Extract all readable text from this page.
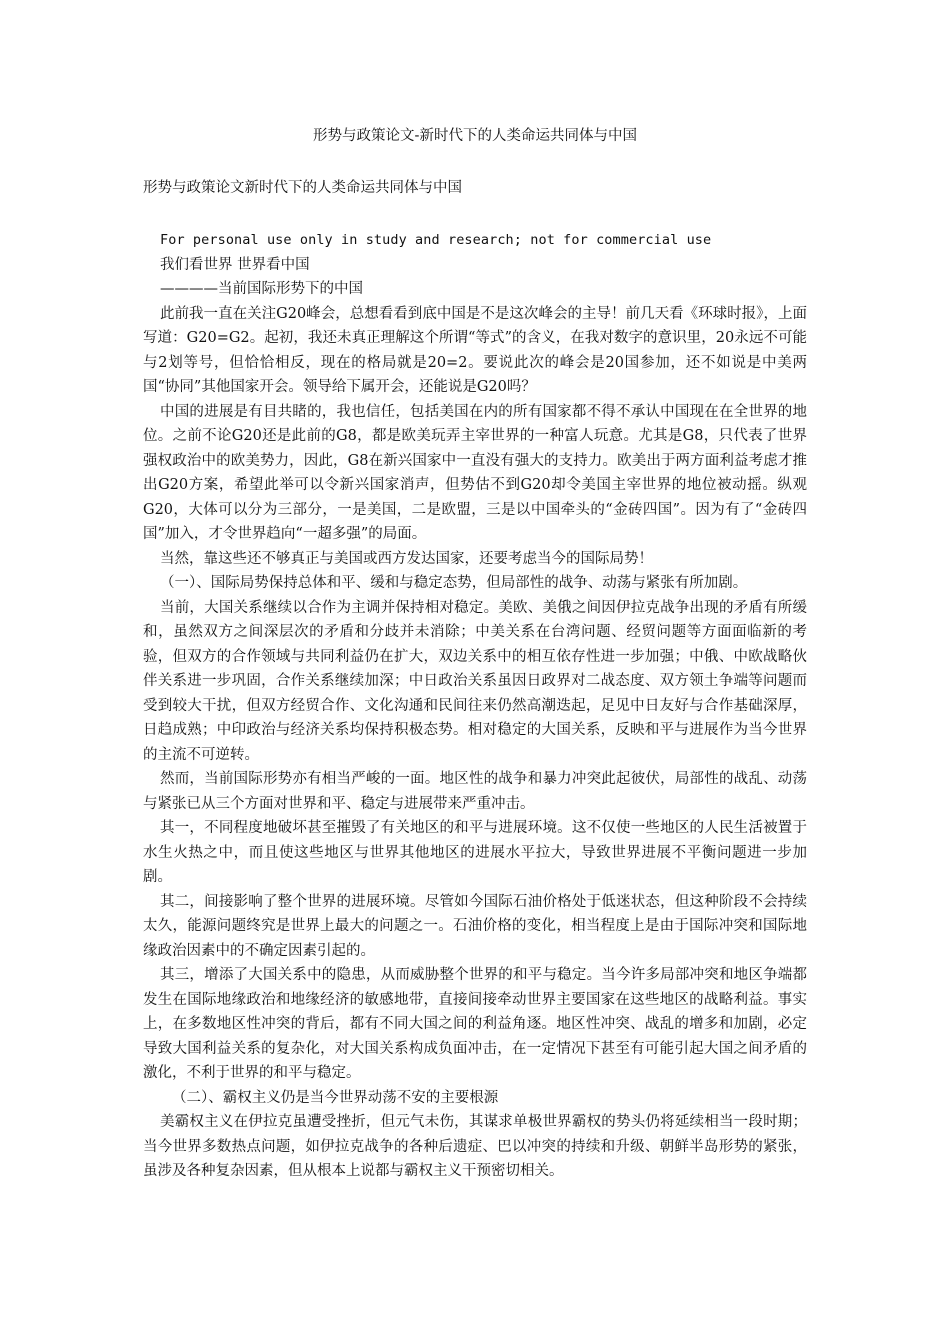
形势与政策论文-新时代下的人类命运共同体与中国
形势与政策论文新时代下的人类命运共同体与中国

For personal use only in study and research; not for commercial use

我们看世界 世界看中国

————当前国际形势下的中国

此前我一直在关注G20峰会，总想看看到底中国是不是这次峰会的主导！前几天看《环球时报》，上面写道：G20=G2。起初，我还未真正理解这个所谓“等式”的含义，在我对数字的意识里，20永远不可能与2划等号，但恰恰相反，现在的格局就是20=2。要说此次的峰会是20国参加，还不如说是中美两国“协同”其他国家开会。领导给下属开会，还能说是G20吗？

中国的进展是有目共睹的，我也信任，包括美国在内的所有国家都不得不承认中国现在在全世界的地位。之前不论G20还是此前的G8，都是欧美玩弄主宰世界的一种富人玩意。尤其是G8，只代表了世界强权政治中的欧美势力，因此，G8在新兴国家中一直没有强大的支持力。欧美出于两方面利益考虑才推出G20方案，希望此举可以令新兴国家消声，但势估不到G20却令美国主宰世界的地位被动摇。纵观G20，大体可以分为三部分，一是美国，二是欧盟，三是以中国牵头的“金砖四国”。因为有了“金砖四国”加入，才令世界趋向“一超多强”的局面。

当然，靠这些还不够真正与美国或西方发达国家，还要考虑当今的国际局势！

（一）、国际局势保持总体和平、缓和与稳定态势，但局部性的战争、动荡与紧张有所加剧。

当前，大国关系继续以合作为主调并保持相对稳定。美欧、美俄之间因伊拉克战争出现的矛盾有所缓和，虽然双方之间深层次的矛盾和分歧并未消除；中美关系在台湾问题、经贸问题等方面面临新的考验，但双方的合作领域与共同利益仍在扩大，双边关系中的相互依存性进一步加强；中俄、中欧战略伙伴关系进一步巩固，合作关系继续加深；中日政治关系虽因日政界对二战态度、双方领土争端等问题而受到较大干扰，但双方经贸合作、文化沟通和民间往来仍然高潮迭起，足见中日友好与合作基础深厚，日趋成熟；中印政治与经济关系均保持积极态势。相对稳定的大国关系，反映和平与进展作为当今世界的主流不可逆转。

然而，当前国际形势亦有相当严峻的一面。地区性的战争和暴力冲突此起彼伏，局部性的战乱、动荡与紧张已从三个方面对世界和平、稳定与进展带来严重冲击。

其一，不同程度地破坏甚至摧毁了有关地区的和平与进展环境。这不仅使一些地区的人民生活被置于水生火热之中，而且使这些地区与世界其他地区的进展水平拉大，导致世界进展不平衡问题进一步加剧。

其二，间接影响了整个世界的进展环境。尽管如今国际石油价格处于低迷状态，但这种阶段不会持续太久，能源问题终究是世界上最大的问题之一。石油价格的变化，相当程度上是由于国际冲突和国际地缘政治因素中的不确定因素引起的。

其三，增添了大国关系中的隐患，从而威胁整个世界的和平与稳定。当今许多局部冲突和地区争端都发生在国际地缘政治和地缘经济的敏感地带，直接间接牵动世界主要国家在这些地区的战略利益。事实上，在多数地区性冲突的背后，都有不同大国之间的利益角逐。地区性冲突、战乱的增多和加剧，必定导致大国利益关系的复杂化，对大国关系构成负面冲击，在一定情况下甚至有可能引起大国之间矛盾的激化，不利于世界的和平与稳定。

（二）、霸权主义仍是当今世界动荡不安的主要根源

美霸权主义在伊拉克虽遭受挫折，但元气未伤，其谋求单极世界霸权的势头仍将延续相当一段时期；当今世界多数热点问题，如伊拉克战争的各种后遗症、巴以冲突的持续和升级、朝鲜半岛形势的紧张，虽涉及各种复杂因素，但从根本上说都与霸权主义干预密切相关。
